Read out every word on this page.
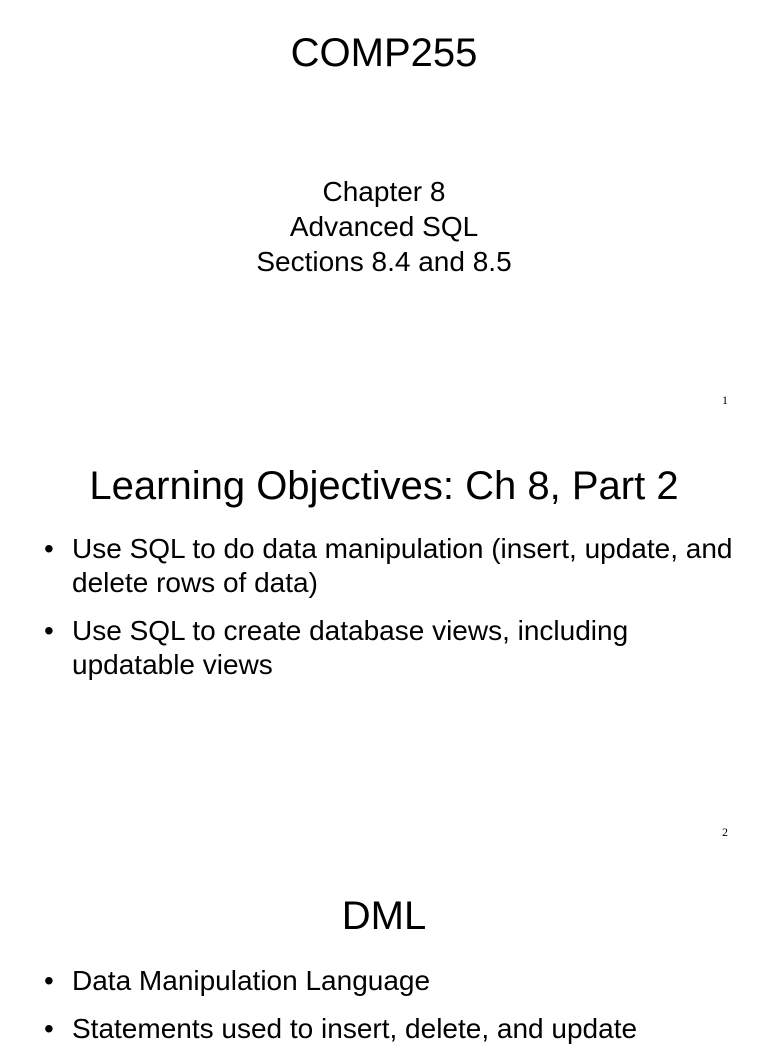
COMP255
Chapter 8
Advanced SQL
Sections 8.4 and 8.5
1
Learning Objectives: Ch 8, Part 2
• Use SQL to do data manipulation (insert, update, and delete rows of data)
• Use SQL to create database views, including updatable views
2
DML
• Data Manipulation Language
• Statements used to insert, delete, and update
